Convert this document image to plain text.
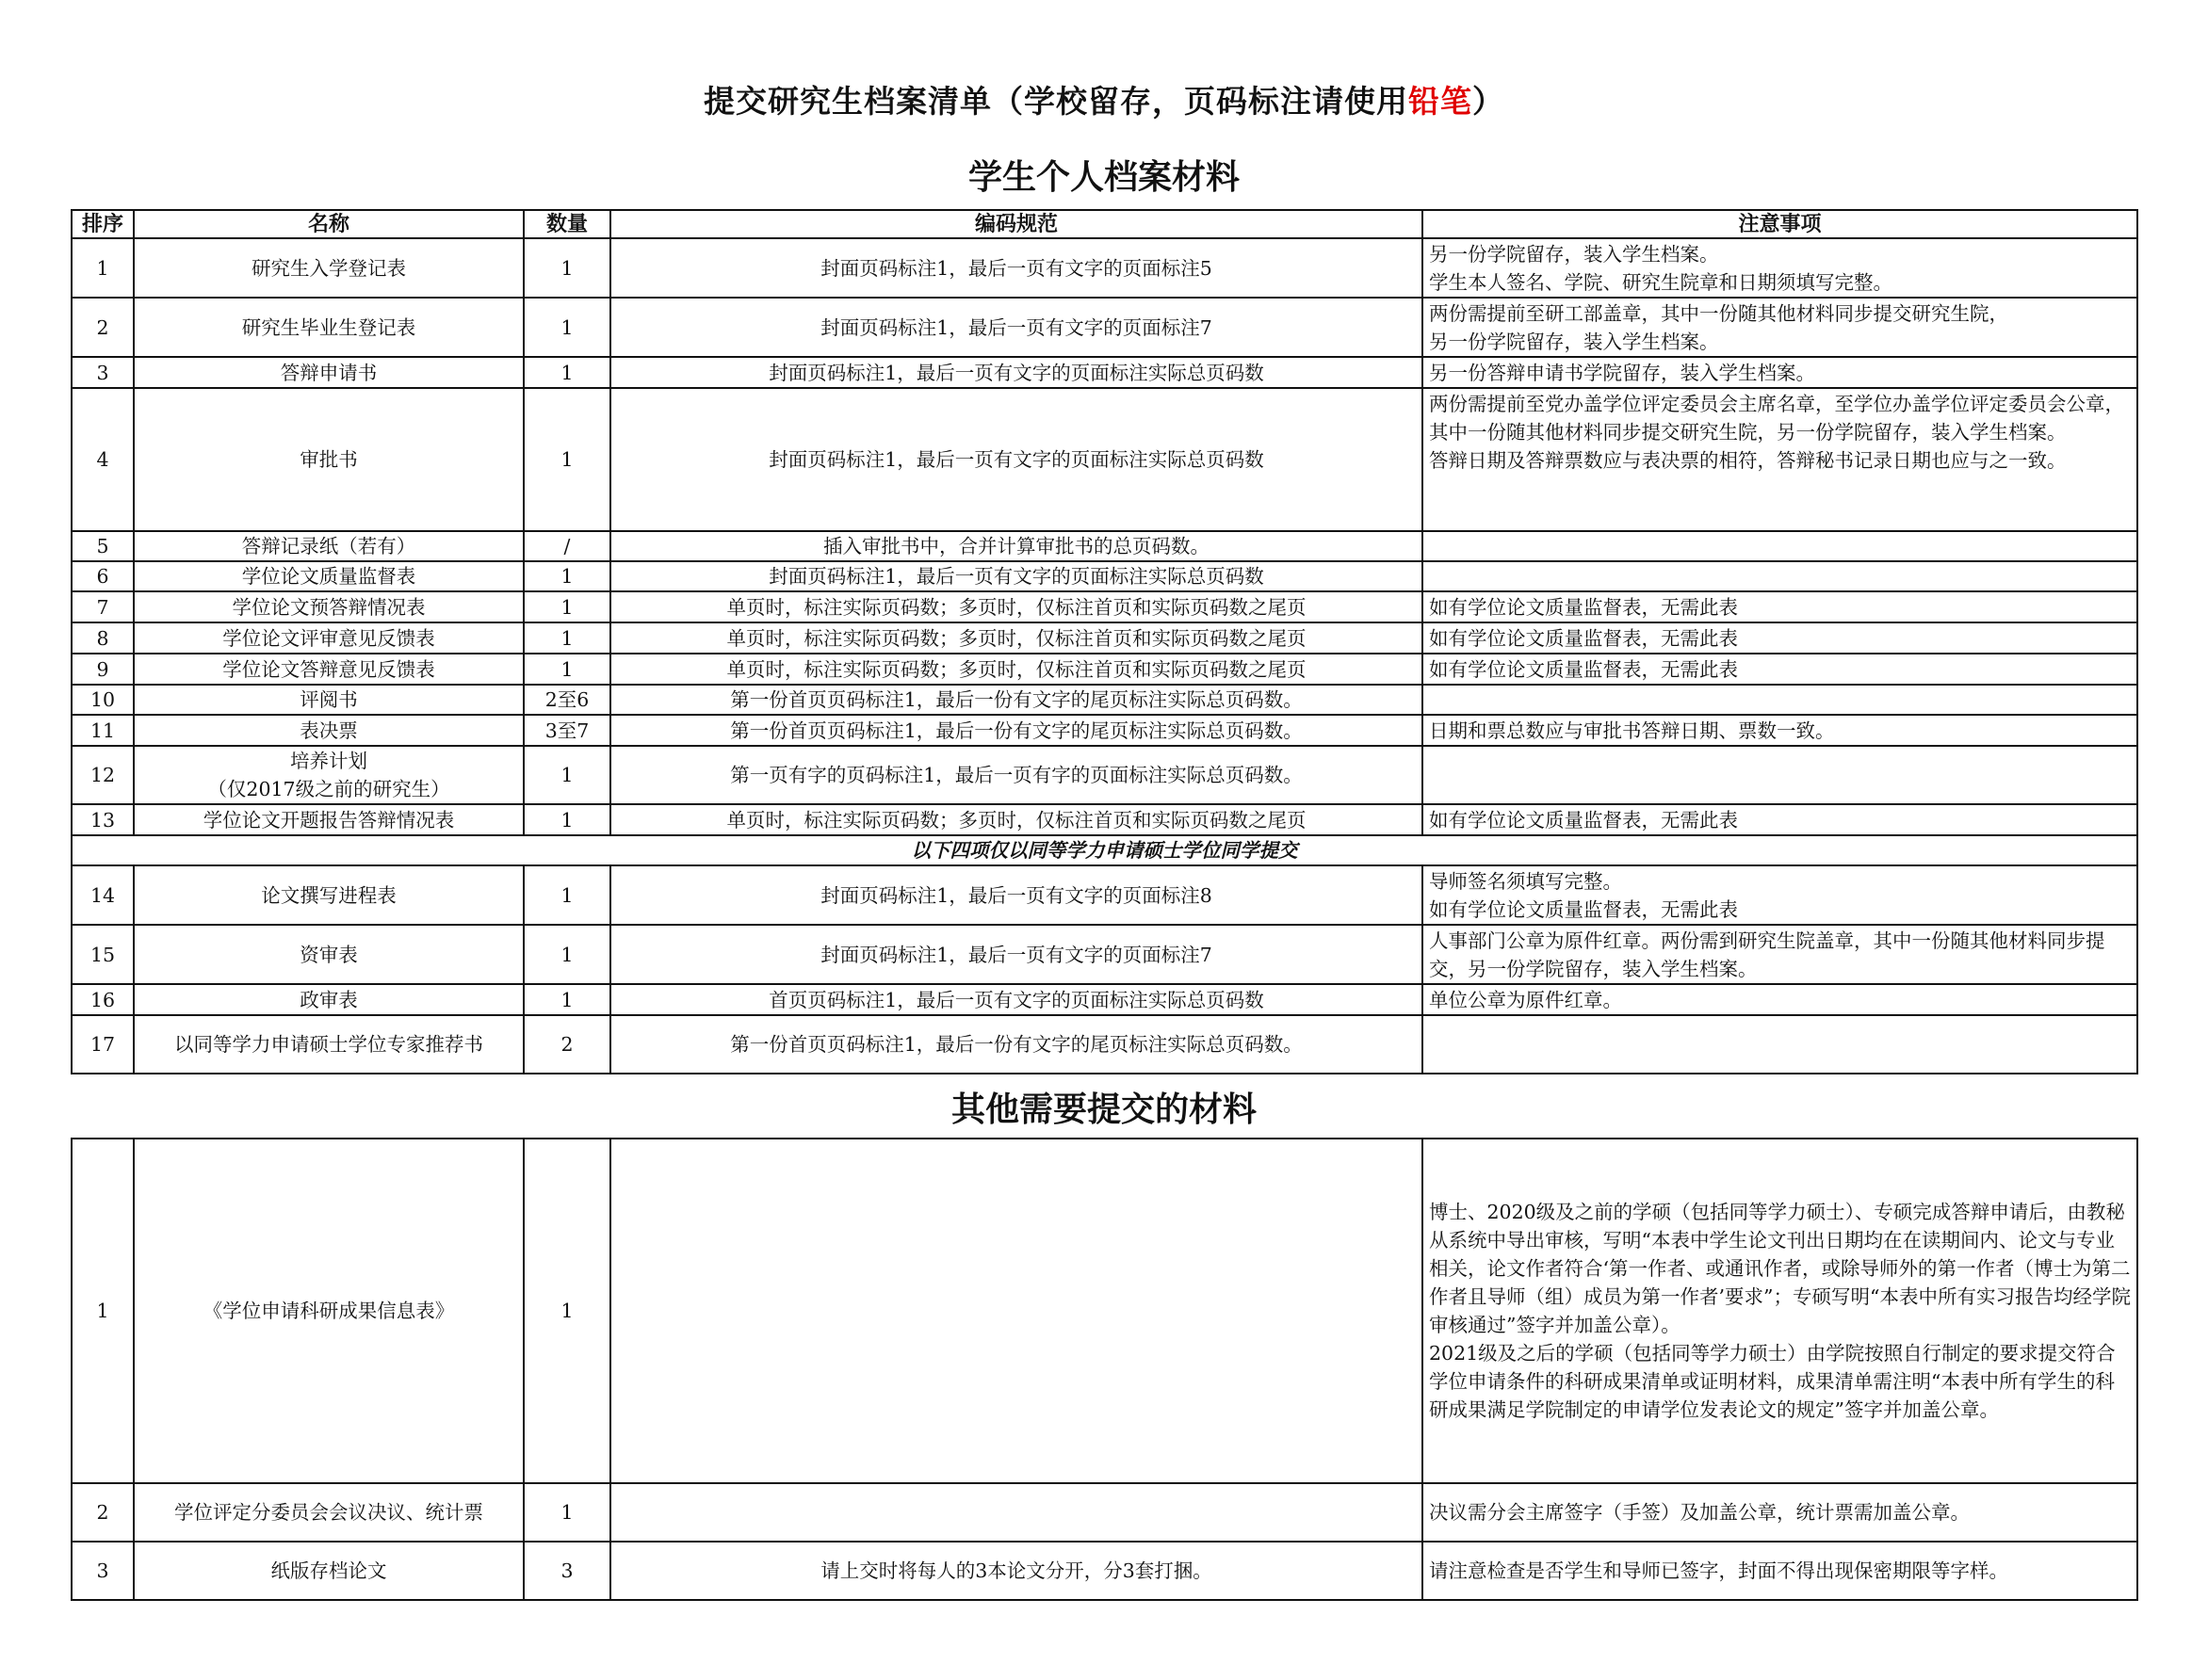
提交研究生档案清单（学校留存，页码标注请使用铅笔）
学生个人档案材料
排序	名称	数量	编码规范	注意事项
1	研究生入学登记表	1	封面页码标注1，最后一页有文字的页面标注5	另一份学院留存，装入学生档案。
学生本人签名、学院、研究生院章和日期须填写完整。
2	研究生毕业生登记表	1	封面页码标注1，最后一页有文字的页面标注7	两份需提前至研工部盖章，其中一份随其他材料同步提交研究生院，
另一份学院留存，装入学生档案。
3	答辩申请书	1	封面页码标注1，最后一页有文字的页面标注实际总页码数	另一份答辩申请书学院留存，装入学生档案。
4	审批书	1	封面页码标注1，最后一页有文字的页面标注实际总页码数	两份需提前至党办盖学位评定委员会主席名章，至学位办盖学位评定委员会公章，其中一份随其他材料同步提交研究生院，另一份学院留存，装入学生档案。
答辩日期及答辩票数应与表决票的相符，答辩秘书记录日期也应与之一致。
5	答辩记录纸（若有）	/	插入审批书中，合并计算审批书的总页码数。	
6	学位论文质量监督表	1	封面页码标注1，最后一页有文字的页面标注实际总页码数	
7	学位论文预答辩情况表	1	单页时，标注实际页码数；多页时，仅标注首页和实际页码数之尾页	如有学位论文质量监督表，无需此表
8	学位论文评审意见反馈表	1	单页时，标注实际页码数；多页时，仅标注首页和实际页码数之尾页	如有学位论文质量监督表，无需此表
9	学位论文答辩意见反馈表	1	单页时，标注实际页码数；多页时，仅标注首页和实际页码数之尾页	如有学位论文质量监督表，无需此表
10	评阅书	2至6	第一份首页页码标注1，最后一份有文字的尾页标注实际总页码数。	
11	表决票	3至7	第一份首页页码标注1，最后一份有文字的尾页标注实际总页码数。	日期和票总数应与审批书答辩日期、票数一致。
12	培养计划
（仅2017级之前的研究生）	1	第一页有字的页码标注1，最后一页有字的页面标注实际总页码数。	
13	学位论文开题报告答辩情况表	1	单页时，标注实际页码数；多页时，仅标注首页和实际页码数之尾页	如有学位论文质量监督表，无需此表
以下四项仅以同等学力申请硕士学位同学提交				
14	论文撰写进程表	1	封面页码标注1，最后一页有文字的页面标注8	导师签名须填写完整。
如有学位论文质量监督表，无需此表
15	资审表	1	封面页码标注1，最后一页有文字的页面标注7	人事部门公章为原件红章。两份需到研究生院盖章，其中一份随其他材料同步提交，另一份学院留存，装入学生档案。
16	政审表	1	首页页码标注1，最后一页有文字的页面标注实际总页码数	单位公章为原件红章。
17	以同等学力申请硕士学位专家推荐书	2	第一份首页页码标注1，最后一份有文字的尾页标注实际总页码数。	
其他需要提交的材料
1	《学位申请科研成果信息表》	1		博士、2020级及之前的学硕（包括同等学力硕士）、专硕完成答辩申请后，由教秘从系统中导出审核，写明“本表中学生论文刊出日期均在在读期间内、论文与专业相关，论文作者符合‘第一作者、或通讯作者，或除导师外的第一作者（博士为第二作者且导师（组）成员为第一作者’要求”；专硕写明“本表中所有实习报告均经学院审核通过”签字并加盖公章）。
2021级及之后的学硕（包括同等学力硕士）由学院按照自行制定的要求提交符合学位申请条件的科研成果清单或证明材料，成果清单需注明“本表中所有学生的科研成果满足学院制定的申请学位发表论文的规定”签字并加盖公章。
2	学位评定分委员会会议决议、统计票	1		决议需分会主席签字（手签）及加盖公章，统计票需加盖公章。
3	纸版存档论文	3	请上交时将每人的3本论文分开，分3套打捆。	请注意检查是否学生和导师已签字，封面不得出现保密期限等字样。
